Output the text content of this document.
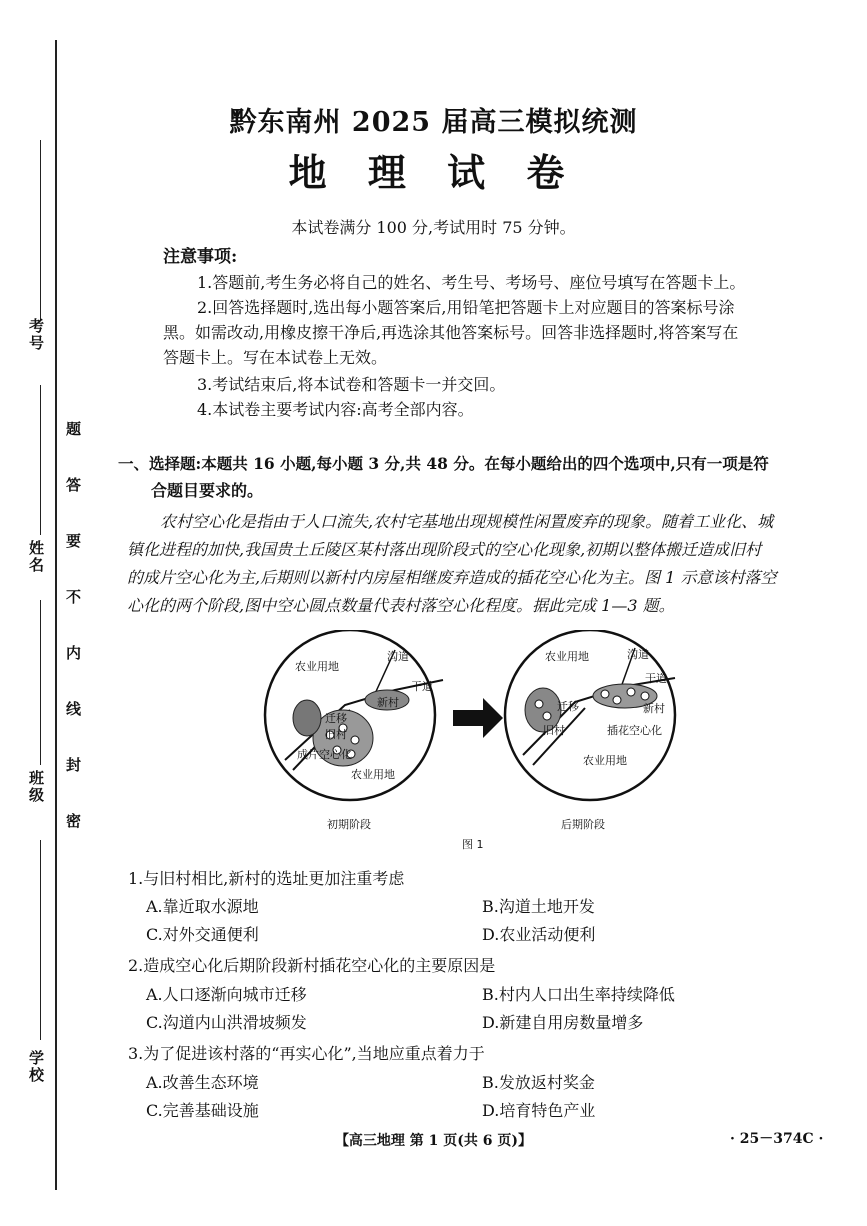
考号
姓名
班级
学校
题
答
要
不
内
线
封
密
黔东南州 2025 届高三模拟统测
地 理 试 卷
本试卷满分 100 分,考试用时 75 分钟。
注意事项:
1.答题前,考生务必将自己的姓名、考生号、考场号、座位号填写在答题卡上。
2.回答选择题时,选出每小题答案后,用铅笔把答题卡上对应题目的答案标号涂
黑。如需改动,用橡皮擦干净后,再选涂其他答案标号。回答非选择题时,将答案写在
答题卡上。写在本试卷上无效。
3.考试结束后,将本试卷和答题卡一并交回。
4.本试卷主要考试内容:高考全部内容。
一、选择题:本题共 16 小题,每小题 3 分,共 48 分。在每小题给出的四个选项中,只有一项是符
合题目要求的。
农村空心化是指由于人口流失,农村宅基地出现规模性闲置废弃的现象。随着工业化、城
镇化进程的加快,我国贵土丘陵区某村落出现阶段式的空心化现象,初期以整体搬迁造成旧村
的成片空心化为主,后期则以新村内房屋相继废弃造成的插花空心化为主。图 1 示意该村落空
心化的两个阶段,图中空心圆点数量代表村落空心化程度。据此完成 1—3 题。
农业用地
沟道
干道
新村
迁移
旧村
成片空心化
农业用地
初期阶段
农业用地	沟道
干道
迁移	新村
旧村	插花空心化
农业用地
后期阶段
图 1
1.与旧村相比,新村的选址更加注重考虑
A.靠近取水源地	B.沟道土地开发
C.对外交通便利	D.农业活动便利
2.造成空心化后期阶段新村插花空心化的主要原因是
A.人口逐渐向城市迁移	B.村内人口出生率持续降低
C.沟道内山洪滑坡频发	D.新建自用房数量增多
3.为了促进该村落的“再实心化”,当地应重点着力于
A.改善生态环境	B.发放返村奖金
C.完善基础设施	D.培育特色产业
【高三地理 第 1 页(共 6 页)】	· 25－374C ·
